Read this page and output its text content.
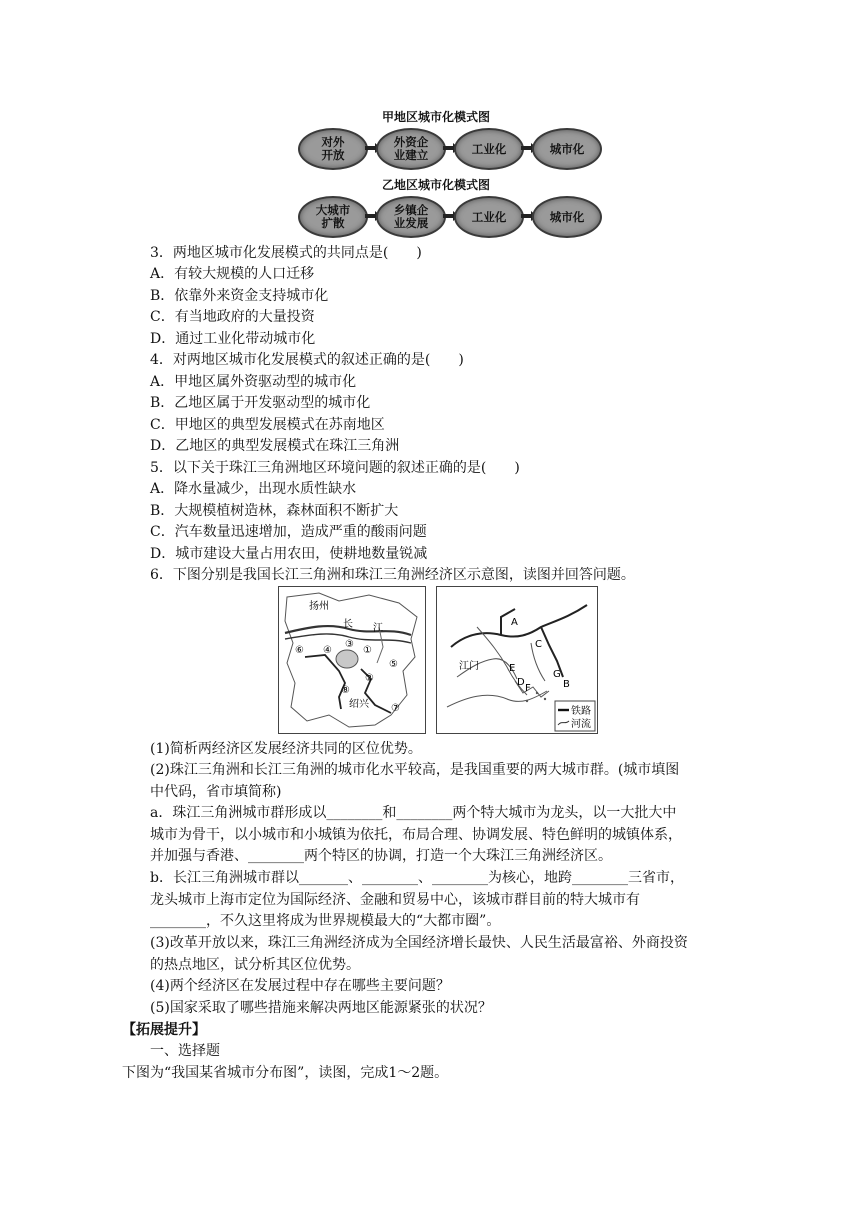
甲地区城市化模式图
对外
开放
外资企
业建立	工业化	城市化
乙地区城市化模式图
大城市
扩散
乡镇企
业发展	工业化	城市化
3．两地区城市化发展模式的共同点是(　　)
A．有较大规模的人口迁移
B．依靠外来资金支持城市化
C．有当地政府的大量投资
D．通过工业化带动城市化
4．对两地区城市化发展模式的叙述正确的是(　　)
A．甲地区属外资驱动型的城市化
B．乙地区属于开发驱动型的城市化
C．甲地区的典型发展模式在苏南地区
D．乙地区的典型发展模式在珠江三角洲
5．以下关于珠江三角洲地区环境问题的叙述正确的是(　　)
A．降水量减少，出现水质性缺水
B．大规模植树造林，森林面积不断扩大
C．汽车数量迅速增加，造成严重的酸雨问题
D．城市建设大量占用农田，使耕地数量锐减
6．下图分别是我国长江三角洲和珠江三角洲经济区示意图，读图并回答问题。
扬州
长 江
绍兴
①
②
③
④
⑤
⑥
⑦
⑧
江门
A
B
C
D
E
F
G
铁路
河流
(1)简析两经济区发展经济共同的区位优势。
(2)珠江三角洲和长江三角洲的城市化水平较高，是我国重要的两大城市群。(城市填图中代码，省市填简称)
a．珠江三角洲城市群形成以________和________两个特大城市为龙头，以一大批大中城市为骨干，以小城市和小城镇为依托，布局合理、协调发展、特色鲜明的城镇体系，并加强与香港、________两个特区的协调，打造一个大珠江三角洲经济区。
b．长江三角洲城市群以_______、________、________为核心，地跨________三省市，龙头城市上海市定位为国际经济、金融和贸易中心，该城市群目前的特大城市有________，不久这里将成为世界规模最大的“大都市圈”。
(3)改革开放以来，珠江三角洲经济成为全国经济增长最快、人民生活最富裕、外商投资的热点地区，试分析其区位优势。
(4)两个经济区在发展过程中存在哪些主要问题？
(5)国家采取了哪些措施来解决两地区能源紧张的状况？
【拓展提升】
一、选择题
下图为“我国某省城市分布图”，读图，完成1～2题。
